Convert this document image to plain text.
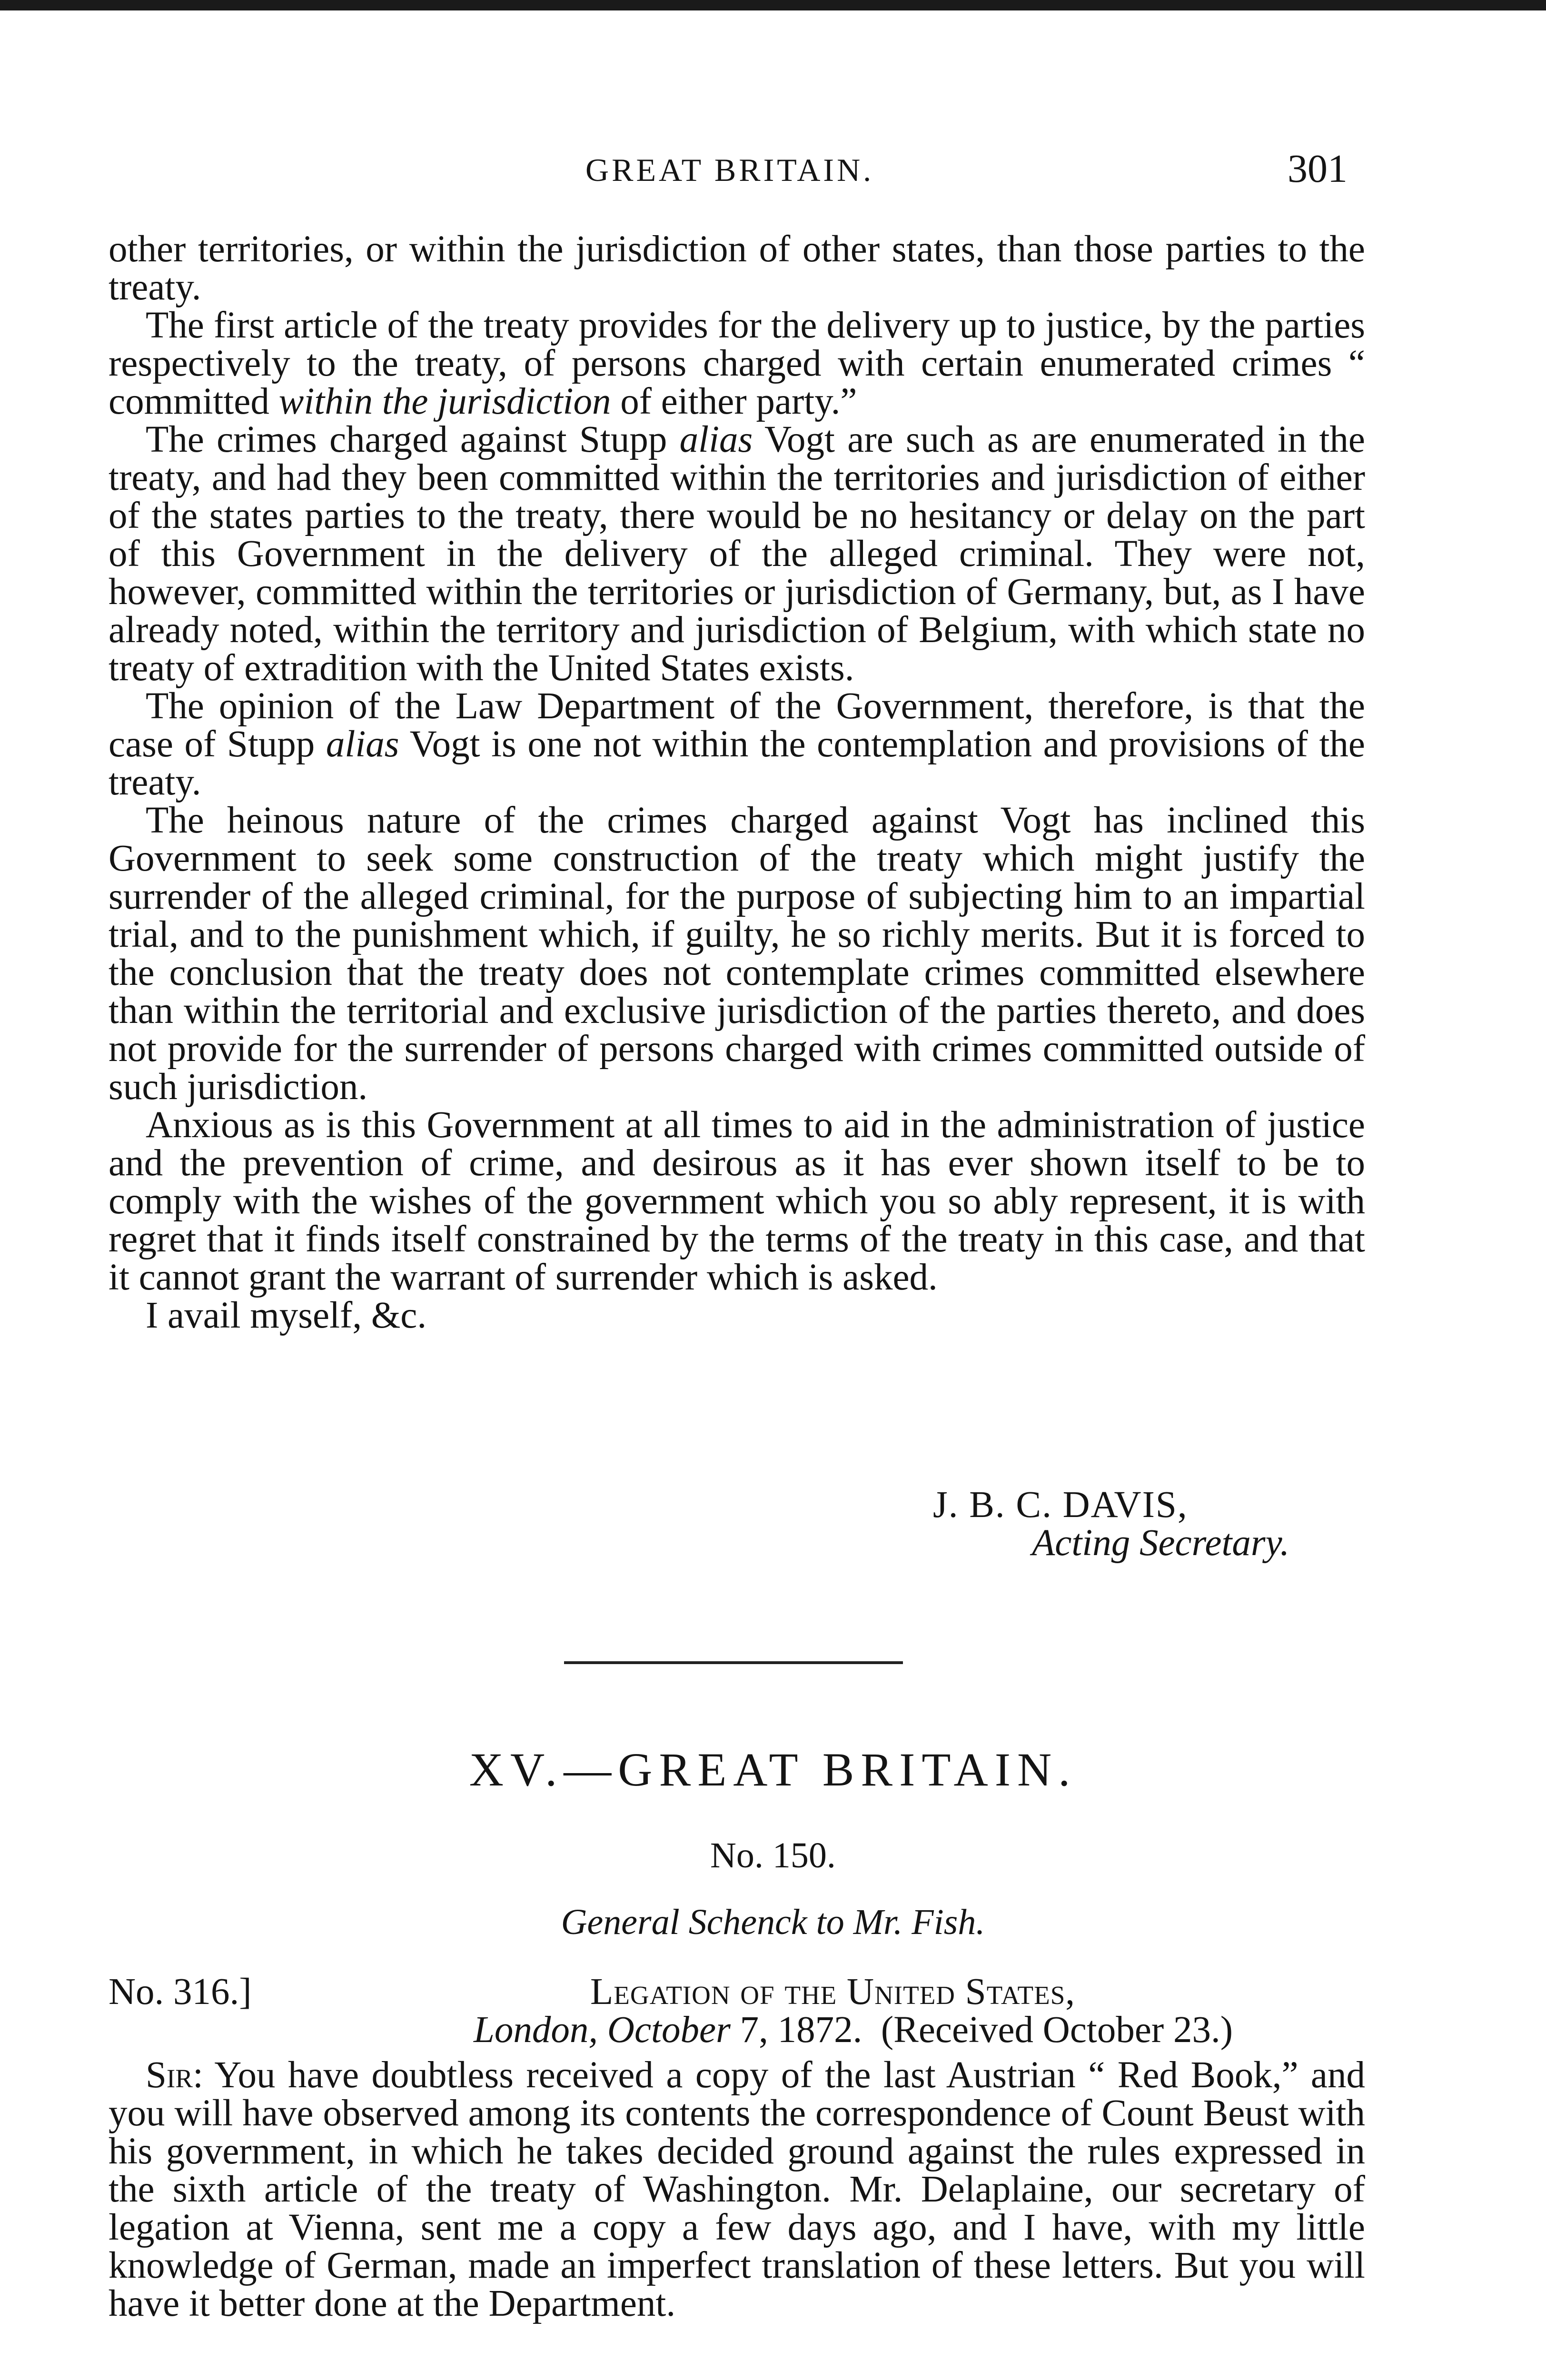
GREAT BRITAIN.	301

other territories, or within the jurisdiction of other states, than those parties to the treaty.

The first article of the treaty provides for the delivery up to justice, by the parties respectively to the treaty, of persons charged with certain enumerated crimes “ committed within the jurisdiction of either party.”

The crimes charged against Stupp alias Vogt are such as are enumerated in the treaty, and had they been committed within the territories and jurisdiction of either of the states parties to the treaty, there would be no hesitancy or delay on the part of this Government in the delivery of the alleged criminal. They were not, however, committed within the territories or jurisdiction of Germany, but, as I have already noted, within the territory and jurisdiction of Belgium, with which state no treaty of extradition with the United States exists.

The opinion of the Law Department of the Government, therefore, is that the case of Stupp alias Vogt is one not within the contemplation and provisions of the treaty.

The heinous nature of the crimes charged against Vogt has inclined this Government to seek some construction of the treaty which might justify the surrender of the alleged criminal, for the purpose of subjecting him to an impartial trial, and to the punishment which, if guilty, he so richly merits. But it is forced to the conclusion that the treaty does not contemplate crimes committed elsewhere than within the territorial and exclusive jurisdiction of the parties thereto, and does not provide for the surrender of persons charged with crimes committed outside of such jurisdiction.

Anxious as is this Government at all times to aid in the administration of justice and the prevention of crime, and desirous as it has ever shown itself to be to comply with the wishes of the government which you so ably represent, it is with regret that it finds itself constrained by the terms of the treaty in this case, and that it cannot grant the warrant of surrender which is asked.

I avail myself, &c.

J. B. C. DAVIS,
Acting Secretary.
XV.—GREAT BRITAIN.
No. 150.
General Schenck to Mr. Fish.
No. 316.]	Legation of the United States,
London, October 7, 1872. (Received October 23.)

Sir: You have doubtless received a copy of the last Austrian “ Red Book,” and you will have observed among its contents the correspondence of Count Beust with his government, in which he takes decided ground against the rules expressed in the sixth article of the treaty of Washington. Mr. Delaplaine, our secretary of legation at Vienna, sent me a copy a few days ago, and I have, with my little knowledge of German, made an imperfect translation of these letters. But you will have it better done at the Department.
